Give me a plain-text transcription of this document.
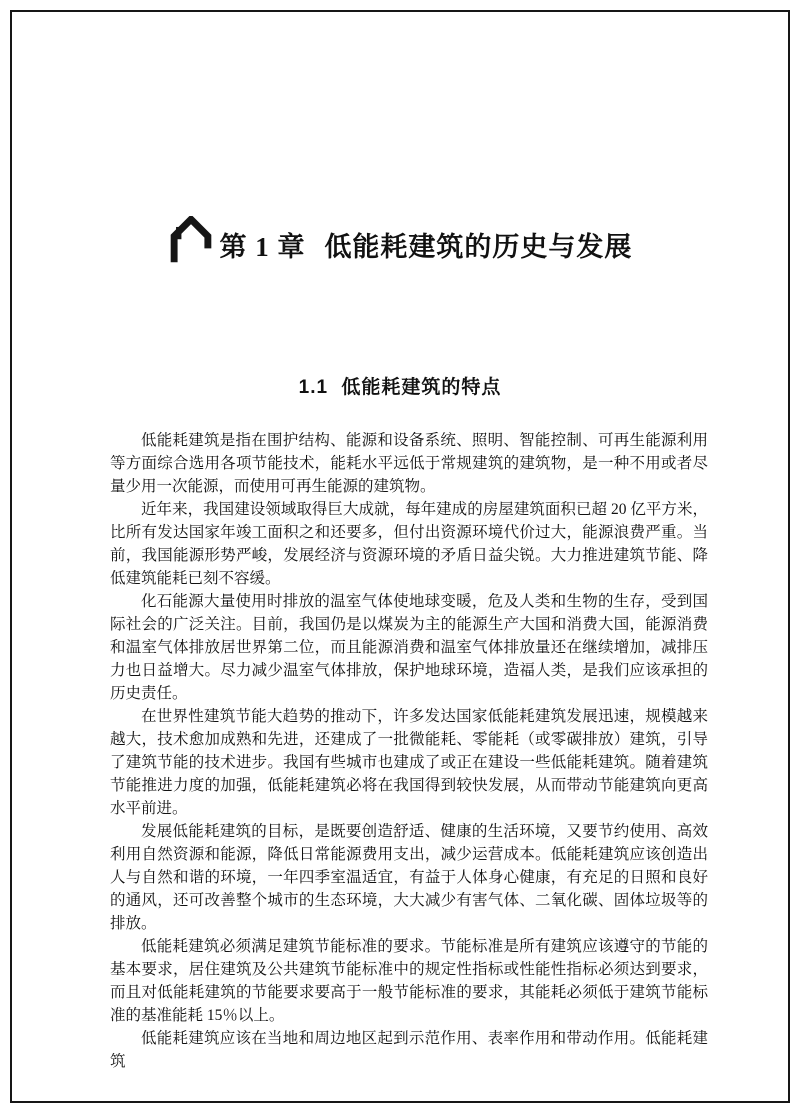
第 1 章 低能耗建筑的历史与发展
1.1 低能耗建筑的特点

低能耗建筑是指在围护结构、能源和设备系统、照明、智能控制、可再生能源利用等方面综合选用各项节能技术，能耗水平远低于常规建筑的建筑物，是一种不用或者尽量少用一次能源，而使用可再生能源的建筑物。

近年来，我国建设领域取得巨大成就，每年建成的房屋建筑面积已超 20 亿平方米，比所有发达国家年竣工面积之和还要多，但付出资源环境代价过大，能源浪费严重。当前，我国能源形势严峻，发展经济与资源环境的矛盾日益尖锐。大力推进建筑节能、降低建筑能耗已刻不容缓。

化石能源大量使用时排放的温室气体使地球变暖，危及人类和生物的生存，受到国际社会的广泛关注。目前，我国仍是以煤炭为主的能源生产大国和消费大国，能源消费和温室气体排放居世界第二位，而且能源消费和温室气体排放量还在继续增加，减排压力也日益增大。尽力减少温室气体排放，保护地球环境，造福人类，是我们应该承担的历史责任。

在世界性建筑节能大趋势的推动下，许多发达国家低能耗建筑发展迅速，规模越来越大，技术愈加成熟和先进，还建成了一批微能耗、零能耗（或零碳排放）建筑，引导了建筑节能的技术进步。我国有些城市也建成了或正在建设一些低能耗建筑。随着建筑节能推进力度的加强，低能耗建筑必将在我国得到较快发展，从而带动节能建筑向更高水平前进。

发展低能耗建筑的目标，是既要创造舒适、健康的生活环境，又要节约使用、高效利用自然资源和能源，降低日常能源费用支出，减少运营成本。低能耗建筑应该创造出人与自然和谐的环境，一年四季室温适宜，有益于人体身心健康，有充足的日照和良好的通风，还可改善整个城市的生态环境，大大减少有害气体、二氧化碳、固体垃圾等的排放。

低能耗建筑必须满足建筑节能标准的要求。节能标准是所有建筑应该遵守的节能的基本要求，居住建筑及公共建筑节能标准中的规定性指标或性能性指标必须达到要求，而且对低能耗建筑的节能要求要高于一般节能标准的要求，其能耗必须低于建筑节能标准的基准能耗 15％以上。

低能耗建筑应该在当地和周边地区起到示范作用、表率作用和带动作用。低能耗建筑
